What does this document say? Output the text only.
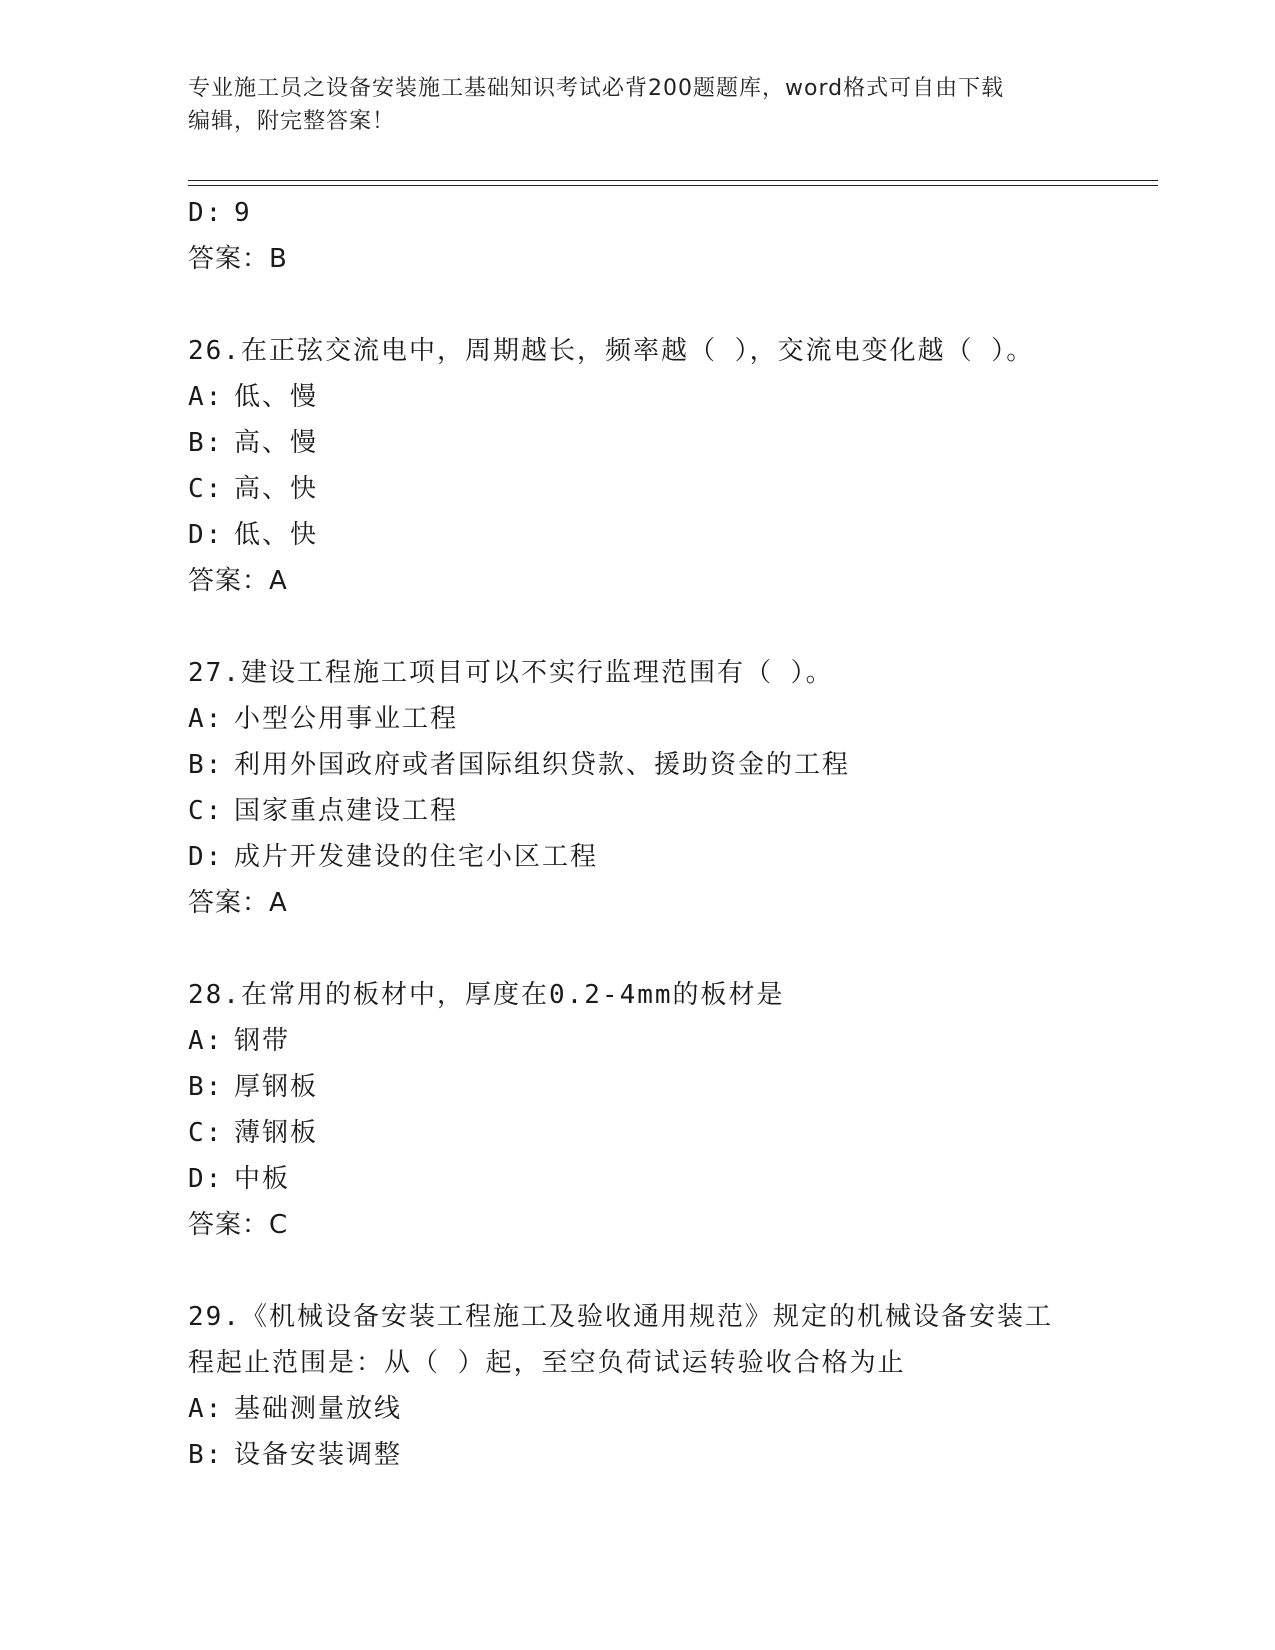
专业施工员之设备安装施工基础知识考试必背200题题库，word格式可自由下载
编辑，附完整答案！
D: 9
答案：B
26.在正弦交流电中，周期越长，频率越（ ），交流电变化越（ ）。
A: 低、慢
B: 高、慢
C: 高、快
D: 低、快
答案：A
27.建设工程施工项目可以不实行监理范围有（ ）。
A: 小型公用事业工程
B: 利用外国政府或者国际组织贷款、援助资金的工程
C: 国家重点建设工程
D: 成片开发建设的住宅小区工程
答案：A
28.在常用的板材中，厚度在0.2-4mm的板材是
A: 钢带
B: 厚钢板
C: 薄钢板
D: 中板
答案：C
29.《机械设备安装工程施工及验收通用规范》规定的机械设备安装工
程起止范围是：从（ ）起，至空负荷试运转验收合格为止
A: 基础测量放线
B: 设备安装调整
